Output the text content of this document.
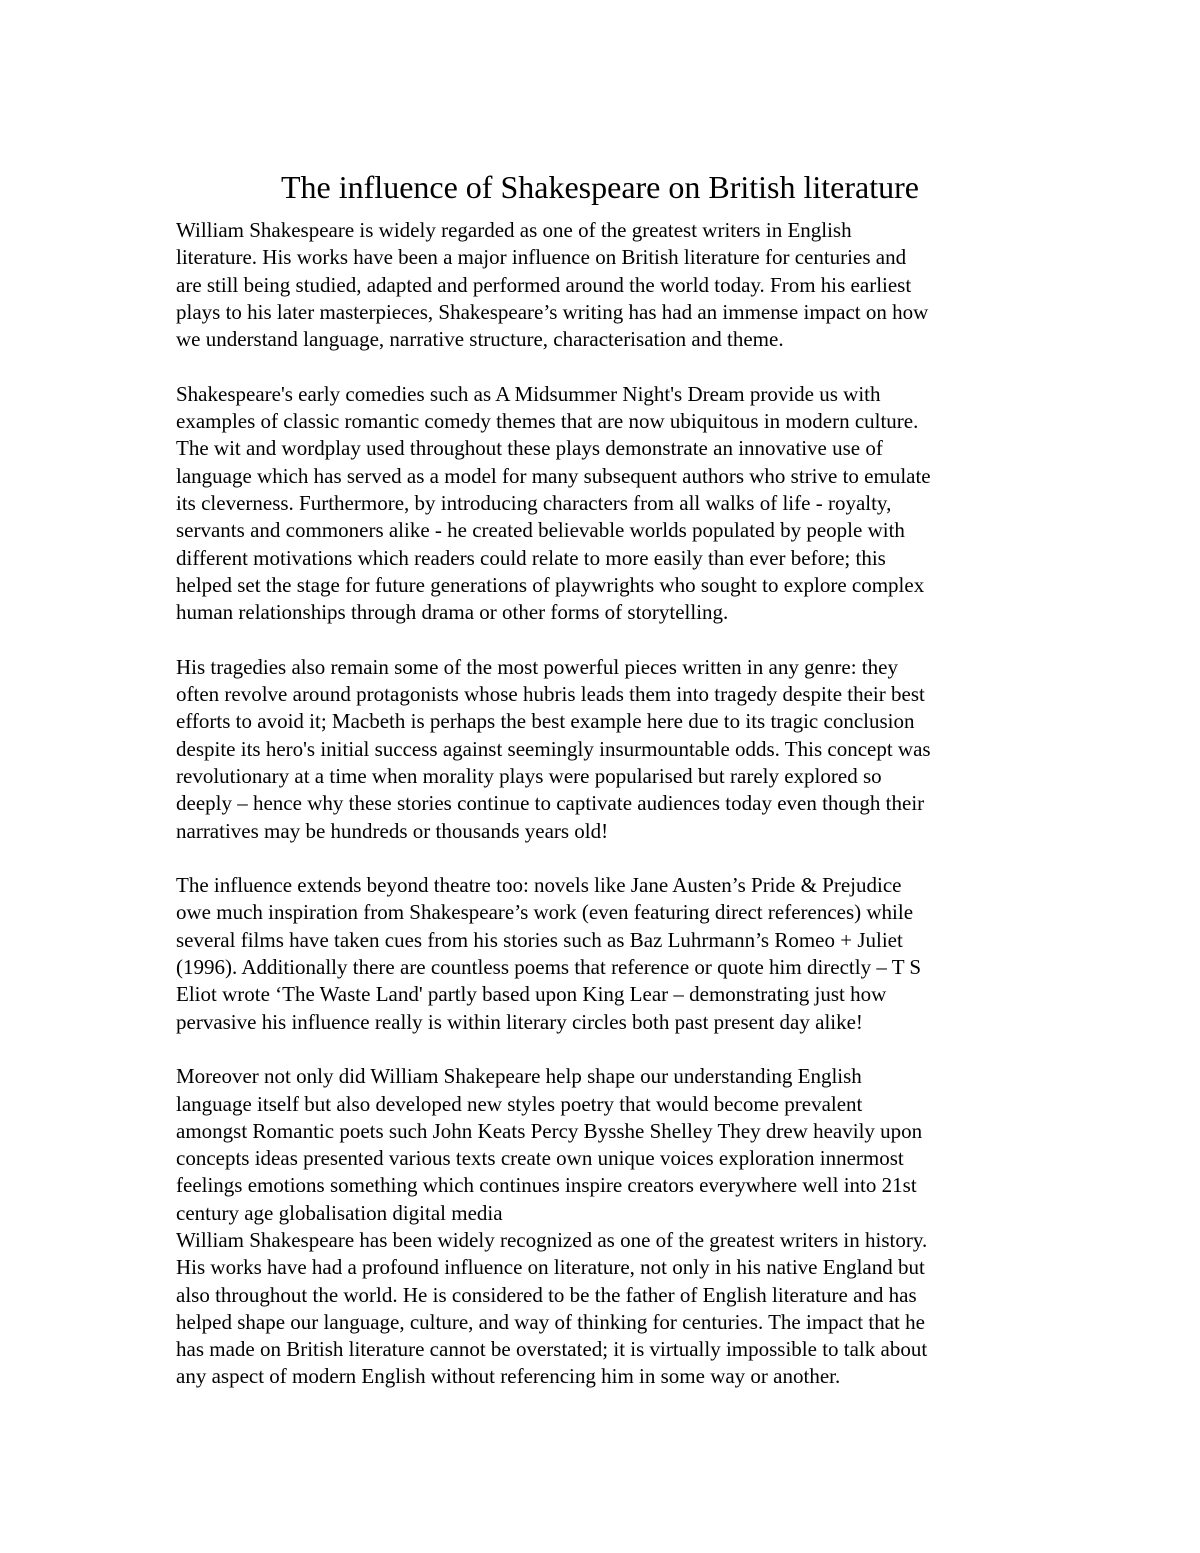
The influence of Shakespeare on British literature

William Shakespeare is widely regarded as one of the greatest writers in English
literature. His works have been a major influence on British literature for centuries and
are still being studied, adapted and performed around the world today. From his earliest
plays to his later masterpieces, Shakespeare’s writing has had an immense impact on how
we understand language, narrative structure, characterisation and theme.

Shakespeare's early comedies such as A Midsummer Night's Dream provide us with
examples of classic romantic comedy themes that are now ubiquitous in modern culture.
The wit and wordplay used throughout these plays demonstrate an innovative use of
language which has served as a model for many subsequent authors who strive to emulate
its cleverness. Furthermore, by introducing characters from all walks of life - royalty,
servants and commoners alike - he created believable worlds populated by people with
different motivations which readers could relate to more easily than ever before; this
helped set the stage for future generations of playwrights who sought to explore complex
human relationships through drama or other forms of storytelling.

His tragedies also remain some of the most powerful pieces written in any genre: they
often revolve around protagonists whose hubris leads them into tragedy despite their best
efforts to avoid it; Macbeth is perhaps the best example here due to its tragic conclusion
despite its hero's initial success against seemingly insurmountable odds. This concept was
revolutionary at a time when morality plays were popularised but rarely explored so
deeply – hence why these stories continue to captivate audiences today even though their
narratives may be hundreds or thousands years old!

The influence extends beyond theatre too: novels like Jane Austen’s Pride & Prejudice
owe much inspiration from Shakespeare’s work (even featuring direct references) while
several films have taken cues from his stories such as Baz Luhrmann’s Romeo + Juliet
(1996). Additionally there are countless poems that reference or quote him directly – T S
Eliot wrote ‘The Waste Land' partly based upon King Lear – demonstrating just how
pervasive his influence really is within literary circles both past present day alike!

Moreover not only did William Shakepeare help shape our understanding English
language itself but also developed new styles poetry that would become prevalent
amongst Romantic poets such John Keats Percy Bysshe Shelley They drew heavily upon
concepts ideas presented various texts create own unique voices exploration innermost
feelings emotions something which continues inspire creators everywhere well into 21st
century age globalisation digital media

William Shakespeare has been widely recognized as one of the greatest writers in history.
His works have had a profound influence on literature, not only in his native England but
also throughout the world. He is considered to be the father of English literature and has
helped shape our language, culture, and way of thinking for centuries. The impact that he
has made on British literature cannot be overstated; it is virtually impossible to talk about
any aspect of modern English without referencing him in some way or another.
